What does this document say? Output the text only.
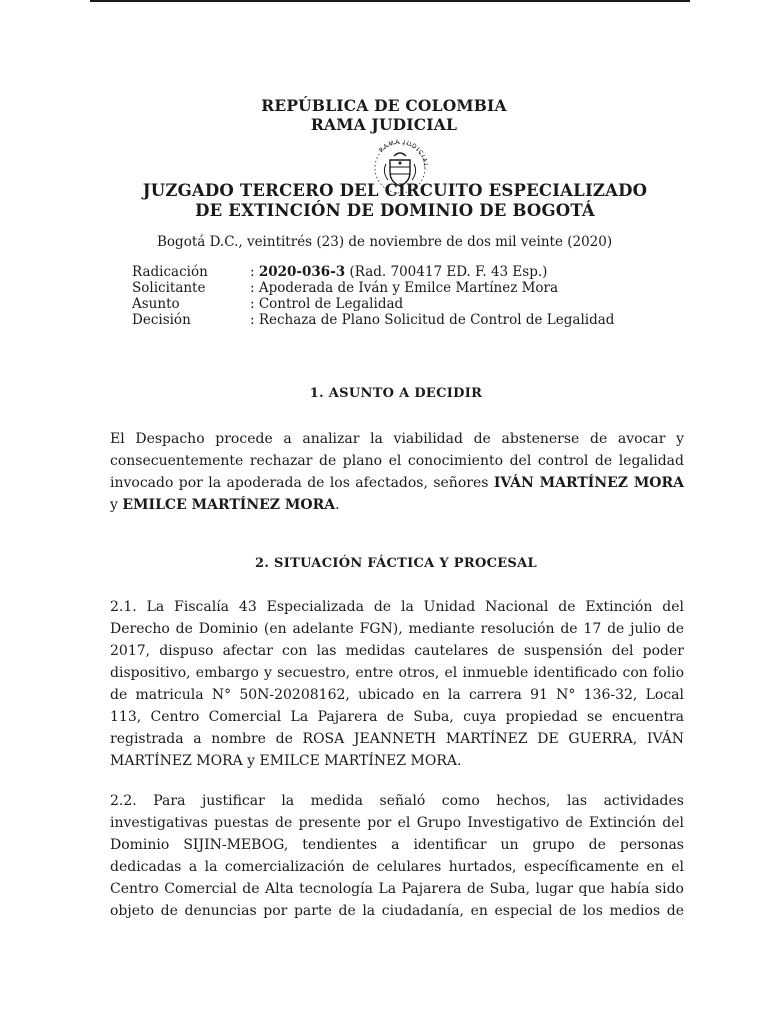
REPÚBLICA DE COLOMBIA
RAMA JUDICIAL
RAMA JUDICIAL
JUZGADO TERCERO DEL CIRCUITO ESPECIALIZADO
DE EXTINCIÓN DE DOMINIO DE BOGOTÁ
Bogotá D.C., veintitrés (23) de noviembre de dos mil veinte (2020)
Radicación	: 2020-036-3 (Rad. 700417 ED. F. 43 Esp.)
Solicitante	: Apoderada de Iván y Emilce Martínez Mora
Asunto	: Control de Legalidad
Decisión	: Rechaza de Plano Solicitud de Control de Legalidad
1. ASUNTO A DECIDIR
El Despacho procede a analizar la viabilidad de abstenerse de avocar y
consecuentemente rechazar de plano el conocimiento del control de legalidad
invocado por la apoderada de los afectados, señores IVÁN MARTÍNEZ MORA
y EMILCE MARTÍNEZ MORA.
2. SITUACIÓN FÁCTICA Y PROCESAL
2.1. La Fiscalía 43 Especializada de la Unidad Nacional de Extinción del
Derecho de Dominio (en adelante FGN), mediante resolución de 17 de julio de
2017, dispuso afectar con las medidas cautelares de suspensión del poder
dispositivo, embargo y secuestro, entre otros, el inmueble identificado con folio
de matricula N° 50N-20208162, ubicado en la carrera 91 N° 136-32, Local
113, Centro Comercial La Pajarera de Suba, cuya propiedad se encuentra
registrada a nombre de ROSA JEANNETH MARTÍNEZ DE GUERRA, IVÁN
MARTÍNEZ MORA y EMILCE MARTÍNEZ MORA.
2.2. Para justificar la medida señaló como hechos, las actividades
investigativas puestas de presente por el Grupo Investigativo de Extinción del
Dominio SIJIN-MEBOG, tendientes a identificar un grupo de personas
dedicadas a la comercialización de celulares hurtados, específicamente en el
Centro Comercial de Alta tecnología La Pajarera de Suba, lugar que había sido
objeto de denuncias por parte de la ciudadanía, en especial de los medios de
